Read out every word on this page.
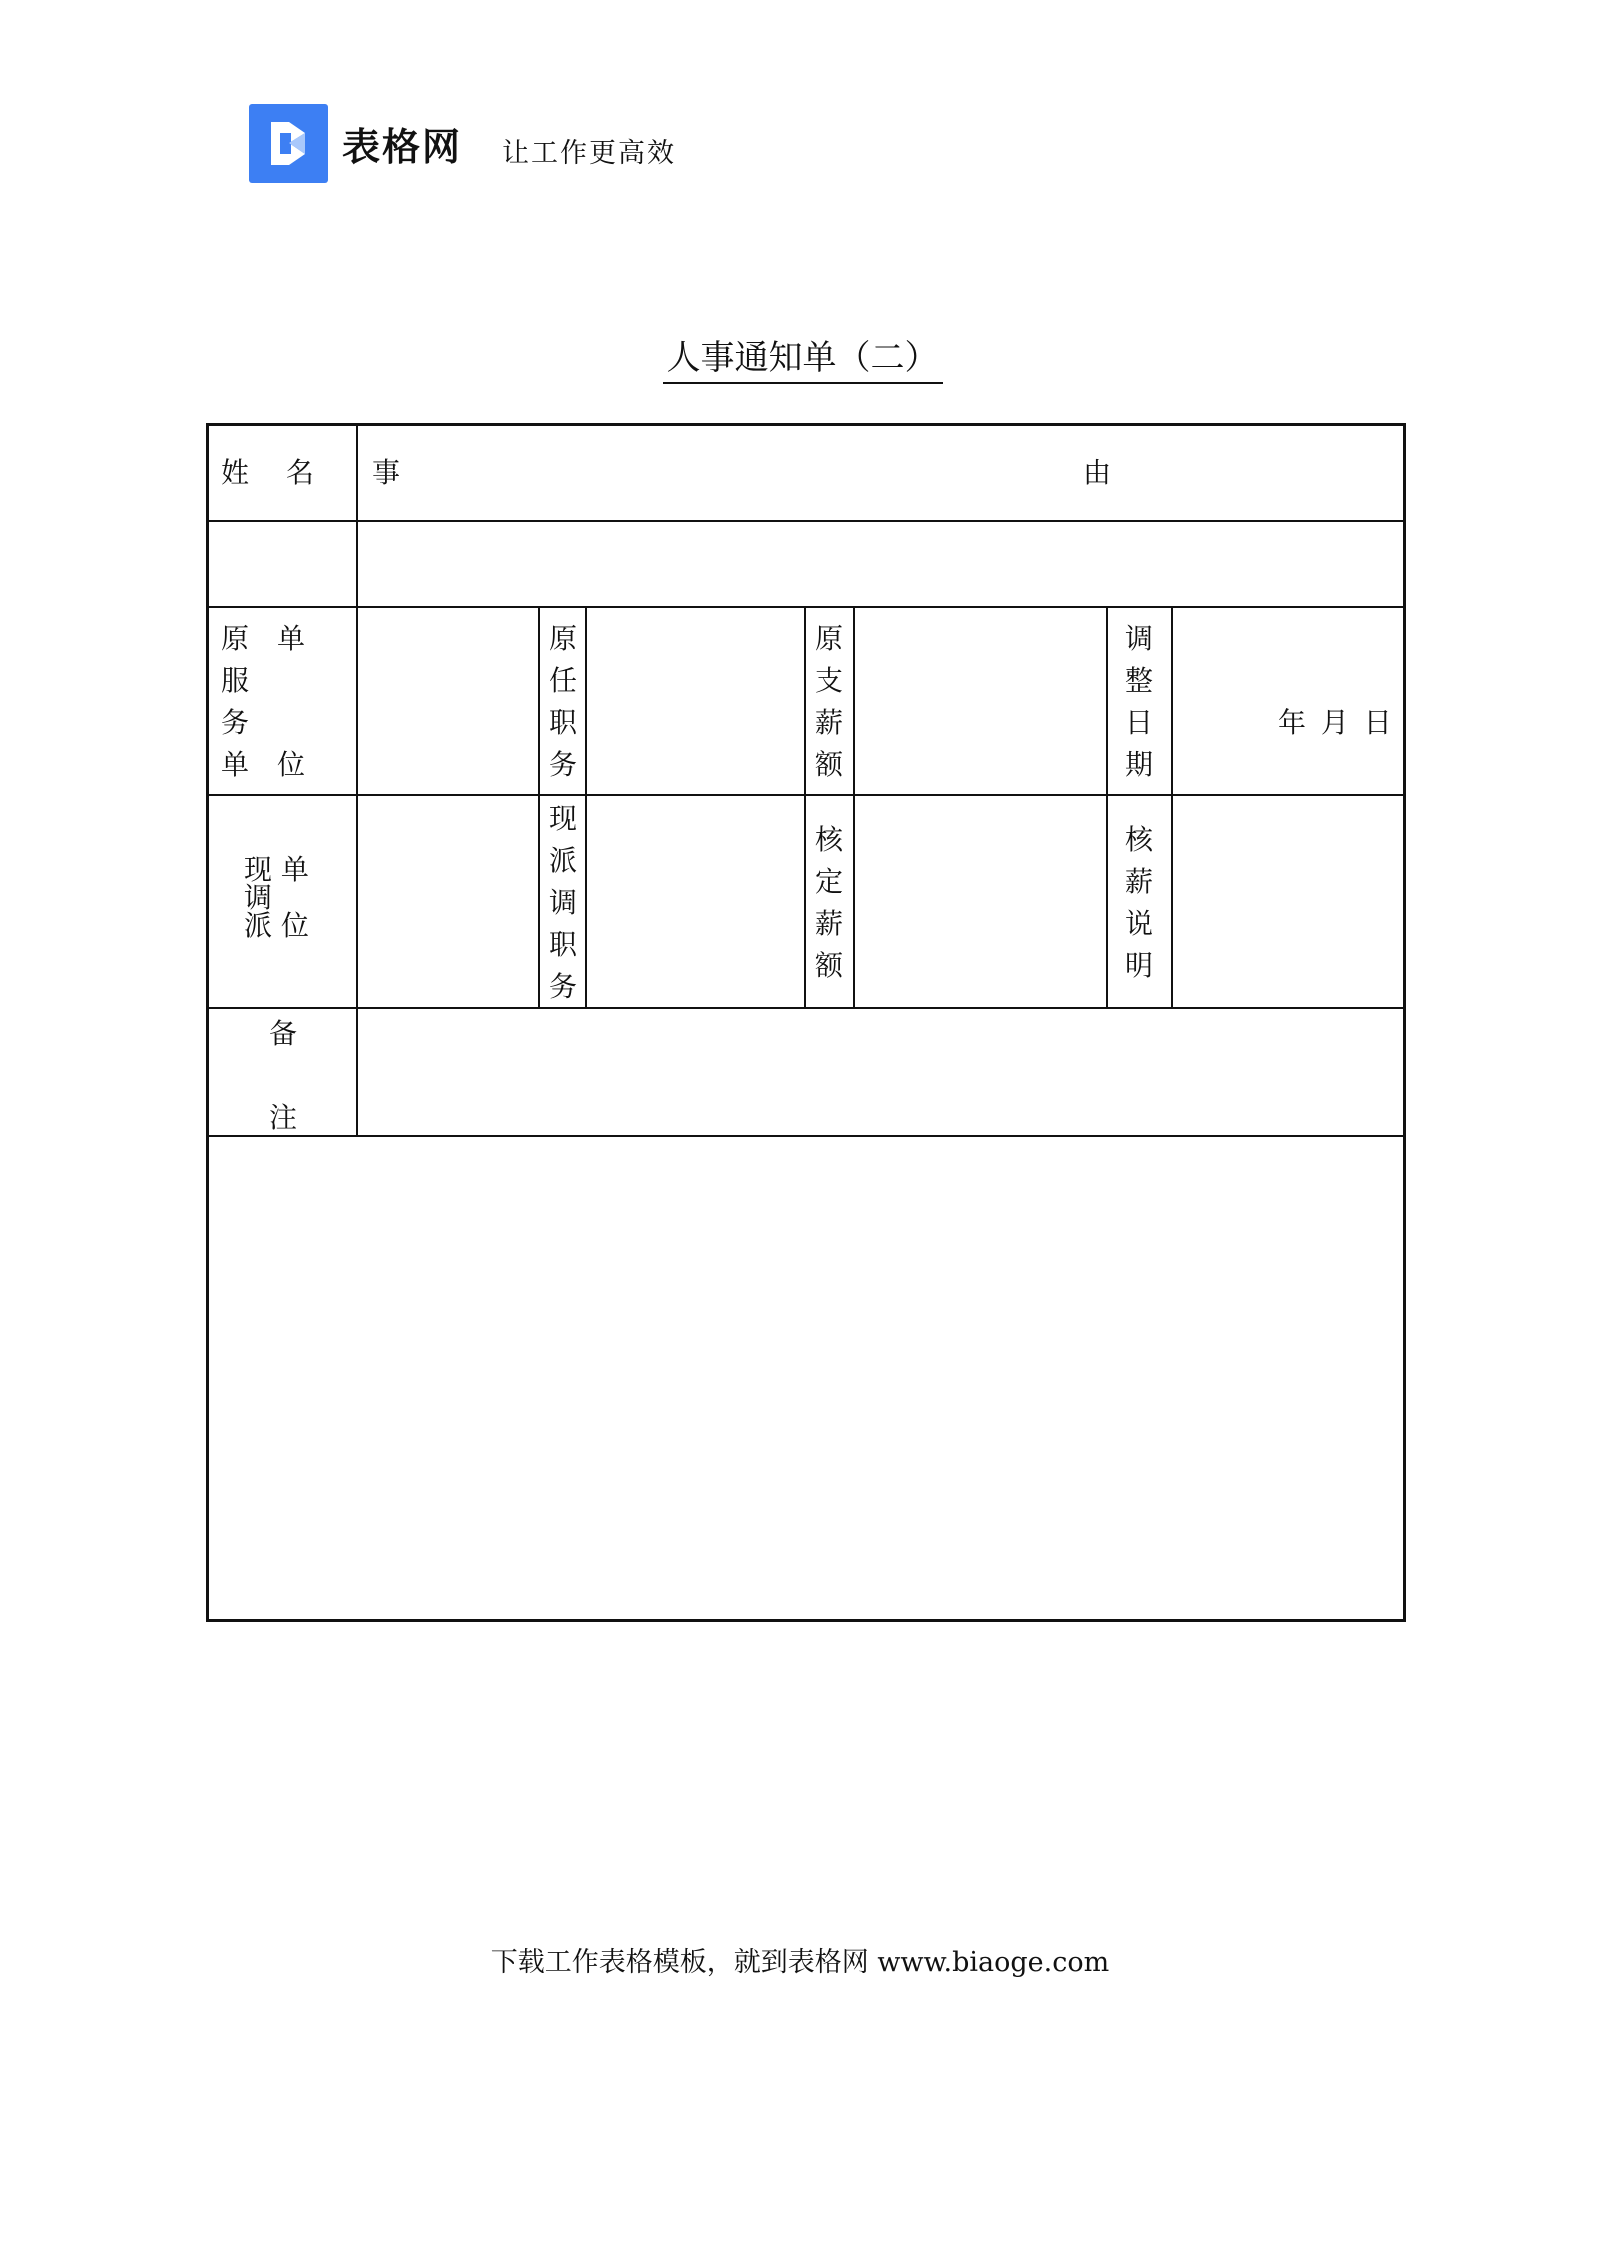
表格网 让工作更高效
人事通知单（二）
姓　 名 事	由
原　单
服
务
单　位
原
任
职
务
原
支
薪
额
调
整
日
期
年 月 日
现 单
调
派 位
现
派
调
职
务
核
定
薪
额
核
薪
说
明
备
注
下载工作表格模板，就到表格网 www.biaoge.com
